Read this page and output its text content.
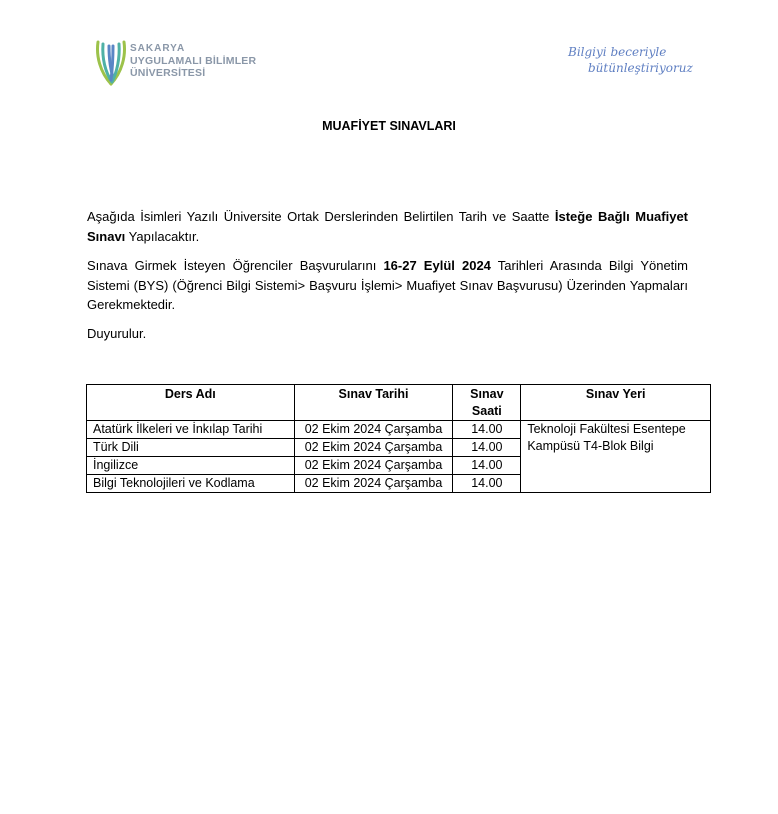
SAKARYA
UYGULAMALI BİLİMLER
ÜNİVERSİTESİ
Bilgiyi beceriyle
bütünleştiriyoruz
MUAFİYET SINAVLARI
Aşağıda İsimleri Yazılı Üniversite Ortak Derslerinden Belirtilen Tarih ve Saatte İsteğe Bağlı Muafiyet Sınavı Yapılacaktır.
Sınava Girmek İsteyen Öğrenciler Başvurularını 16-27 Eylül 2024 Tarihleri Arasında Bilgi Yönetim Sistemi (BYS) (Öğrenci Bilgi Sistemi> Başvuru İşlemi> Muafiyet Sınav Başvurusu) Üzerinden Yapmaları Gerekmektedir.
Duyurulur.
Ders Adı	Sınav Tarihi	Sınav Saati	Sınav Yeri
Atatürk İlkeleri ve İnkılap Tarihi	02 Ekim 2024 Çarşamba	14.00	Teknoloji Fakültesi Esentepe Kampüsü T4-Blok Bilgi
Türk Dili	02 Ekim 2024 Çarşamba	14.00	
İngilizce	02 Ekim 2024 Çarşamba	14.00	
Bilgi Teknolojileri ve Kodlama	02 Ekim 2024 Çarşamba	14.00	
